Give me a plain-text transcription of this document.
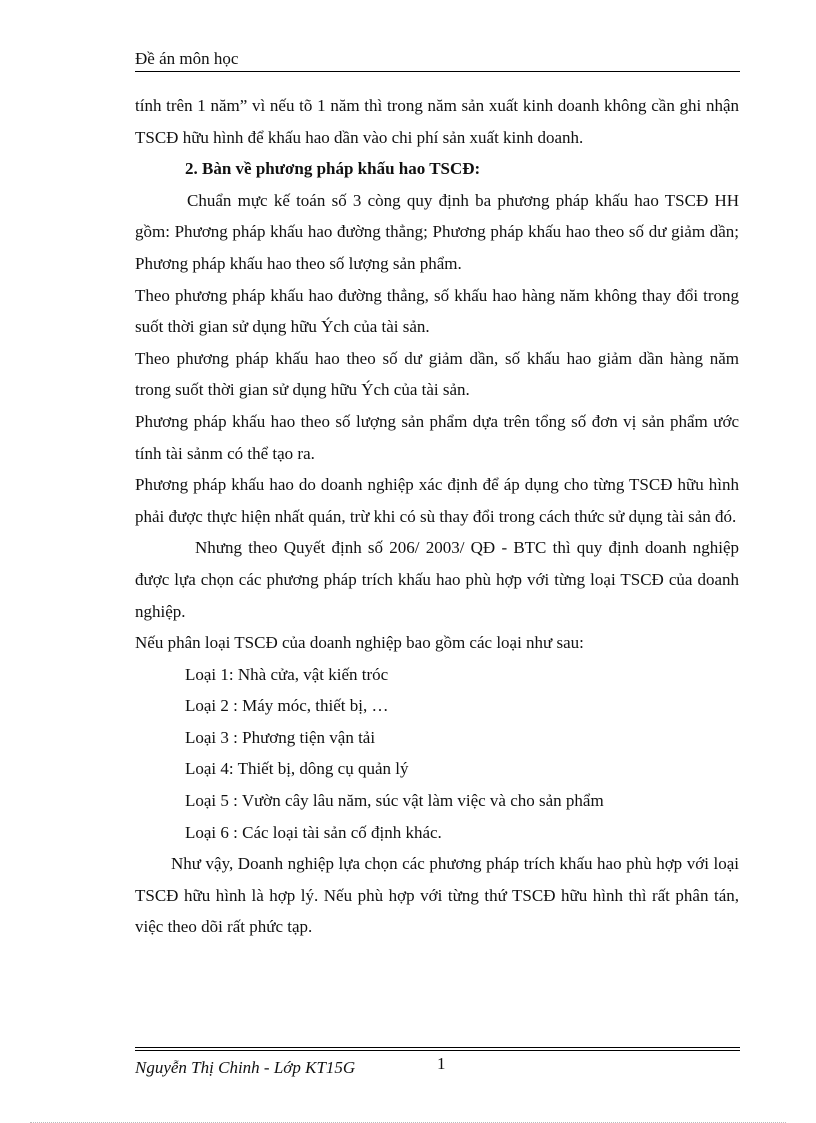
Đề án môn học

tính trên 1 năm” vì nếu tõ 1 năm thì trong năm sản xuất kinh doanh không cần ghi nhận TSCĐ hữu hình để khấu hao dần vào chi phí sản xuất kinh doanh.

2. Bàn về phương pháp khấu hao TSCĐ:

Chuẩn mực kế toán số 3 còng quy định ba phương pháp khấu hao TSCĐ HH gồm: Phương pháp khấu hao đường thẳng; Phương pháp khấu hao theo số dư giảm dần; Phương pháp khấu hao theo số lượng sản phẩm.

Theo phương pháp khấu hao đường thẳng, số khấu hao hàng năm không thay đổi trong suốt thời gian sử dụng hữu Ých của tài sản.

Theo phương pháp khấu hao theo số dư giảm dần, số khấu hao giảm dần hàng năm trong suốt thời gian sử dụng hữu Ých của tài sản.

Phương pháp khấu hao theo số lượng sản phẩm dựa trên tổng số đơn vị sản phẩm ước tính tài sảnm có thể tạo ra.

Phương pháp khấu hao do doanh nghiệp xác định để áp dụng cho từng TSCĐ hữu hình phải được thực hiện nhất quán, trừ khi có sù thay đổi trong cách thức sử dụng tài sản đó.

Nhưng theo Quyết định số 206/ 2003/ QĐ - BTC thì quy định doanh nghiệp được lựa chọn các phương pháp trích khấu hao phù hợp với từng loại TSCĐ của doanh nghiệp.

Nếu phân loại TSCĐ của doanh nghiệp bao gồm các loại như sau:

Loại 1: Nhà cửa, vật kiến tróc

Loại 2 : Máy móc, thiết bị, …

Loại 3 : Phương tiện vận tải

Loại 4: Thiết bị, dông cụ quản lý

Loại 5 : Vườn cây lâu năm, súc vật làm việc và cho sản phẩm

Loại 6 : Các loại tài sản cố định khác.

Như vậy, Doanh nghiệp lựa chọn các phương pháp trích khấu hao phù hợp với loại TSCĐ hữu hình là hợp lý. Nếu phù hợp với từng thứ TSCĐ hữu hình thì rất phân tán, việc theo dõi rất phức tạp.

Nguyễn Thị Chinh - Lớp KT15G	1
